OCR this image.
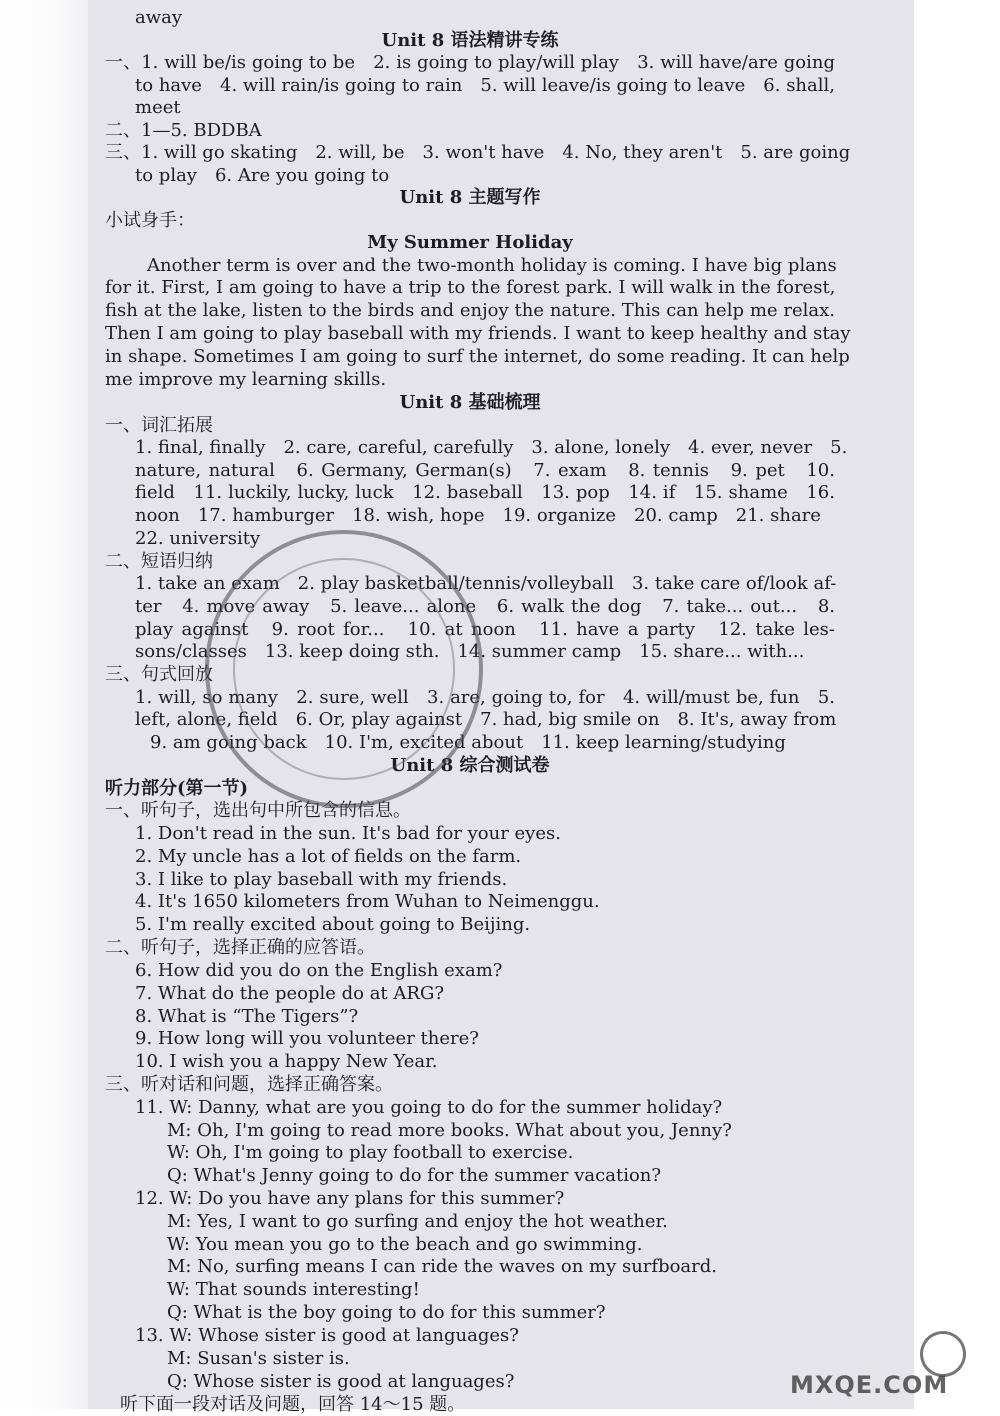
away
Unit 8 语法精讲专练
一、1. will be/is going to be　2. is going to play/will play　3. will have/are going
to have　4. will rain/is going to rain　5. will leave/is going to leave　6. shall,
meet
二、1—5. BDDBA
三、1. will go skating　2. will, be　3. won't have　4. No, they aren't　5. are going
to play　6. Are you going to
Unit 8 主题写作
小试身手：
My Summer Holiday
Another term is over and the two-month holiday is coming. I have big plans
for it. First, I am going to have a trip to the forest park. I will walk in the forest,
fish at the lake, listen to the birds and enjoy the nature. This can help me relax.
Then I am going to play baseball with my friends. I want to keep healthy and stay
in shape. Sometimes I am going to surf the internet, do some reading. It can help
me improve my learning skills.
Unit 8 基础梳理
一、词汇拓展
1. final, finally　2. care, careful, carefully　3. alone, lonely　4. ever, never　5.
nature, natural　6. Germany, German(s)　7. exam　8. tennis　9. pet　10.
field　11. luckily, lucky, luck　12. baseball　13. pop　14. if　15. shame　16.
noon　17. hamburger　18. wish, hope　19. organize　20. camp　21. share
22. university
二、短语归纳
1. take an exam　2. play basketball/tennis/volleyball　3. take care of/look af-
ter　4. move away　5. leave... alone　6. walk the dog　7. take... out...　8.
play against　9. root for...　10. at noon　11. have a party　12. take les-
sons/classes　13. keep doing sth.　14. summer camp　15. share... with...
三、句式回放
1. will, so many　2. sure, well　3. are, going to, for　4. will/must be, fun　5.
left, alone, field　6. Or, play against　7. had, big smile on　8. It's, away from
9. am going back　10. I'm, excited about　11. keep learning/studying
Unit 8 综合测试卷
听力部分(第一节)
一、听句子，选出句中所包含的信息。
1. Don't read in the sun. It's bad for your eyes.
2. My uncle has a lot of fields on the farm.
3. I like to play baseball with my friends.
4. It's 1650 kilometers from Wuhan to Neimenggu.
5. I'm really excited about going to Beijing.
二、听句子，选择正确的应答语。
6. How did you do on the English exam?
7. What do the people do at ARG?
8. What is “The Tigers”?
9. How long will you volunteer there?
10. I wish you a happy New Year.
三、听对话和问题，选择正确答案。
11. W: Danny, what are you going to do for the summer holiday?
M: Oh, I'm going to read more books. What about you, Jenny?
W: Oh, I'm going to play football to exercise.
Q: What's Jenny going to do for the summer vacation?
12. W: Do you have any plans for this summer?
M: Yes, I want to go surfing and enjoy the hot weather.
W: You mean you go to the beach and go swimming.
M: No, surfing means I can ride the waves on my surfboard.
W: That sounds interesting!
Q: What is the boy going to do for this summer?
13. W: Whose sister is good at languages?
M: Susan's sister is.
Q: Whose sister is good at languages?
听下面一段对话及问题，回答 14～15 题。
MXQE.COM
